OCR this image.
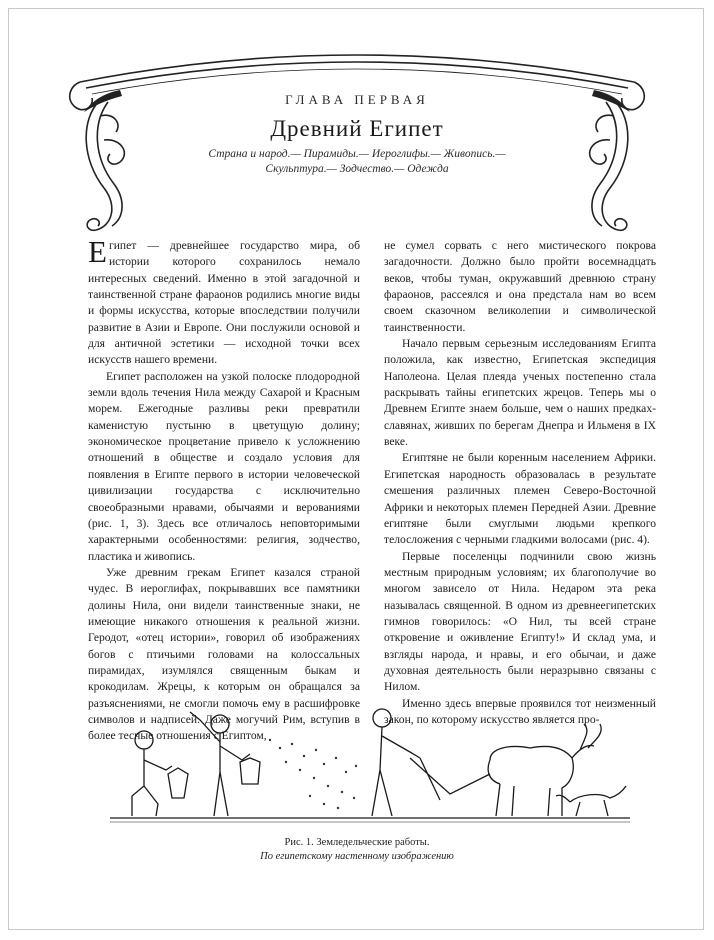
ГЛАВА ПЕРВАЯ
Древний Египет
Страна и народ.— Пирамиды.— Иероглифы.— Живопись.— Скульптура.— Зодчество.— Одежда

Египет — древнейшее государство мира, об истории которого сохранилось немало интересных сведений. Именно в этой загадочной и таинственной стране фараонов родились многие виды и формы искусства, которые впоследствии получили развитие в Азии и Европе. Они послужили основой и для античной эстетики — исходной точки всех искусств нашего времени.

Египет расположен на узкой полоске плодородной земли вдоль течения Нила между Сахарой и Красным морем. Ежегодные разливы реки превратили каменистую пустыню в цветущую долину; экономическое процветание привело к усложнению отношений в обществе и создало условия для появления в Египте первого в истории человеческой цивилизации государства с исключительно своеобразными нравами, обычаями и верованиями (рис. 1, 3). Здесь все отличалось неповторимыми характерными особенностями: религия, зодчество, пластика и живопись.

Уже древним грекам Египет казался страной чудес. В иероглифах, покрывавших все памятники долины Нила, они видели таинственные знаки, не имеющие никакого отношения к реальной жизни. Геродот, «отец истории», говорил об изображениях богов с птичьими головами на колоссальных пирамидах, изумлялся священным быкам и крокодилам. Жрецы, к которым он обращался за разъяснениями, не смогли помочь ему в расшифровке символов и надписей. Даже могучий Рим, вступив в более тесные отношения с Египтом,

не сумел сорвать с него мистического покрова загадочности. Должно было пройти восемнадцать веков, чтобы туман, окружавший древнюю страну фараонов, рассеялся и она предстала нам во всем своем сказочном великолепии и символической таинственности.

Начало первым серьезным исследованиям Египта положила, как известно, Египетская экспедиция Наполеона. Целая плеяда ученых постепенно стала раскрывать тайны египетских жрецов. Теперь мы о Древнем Египте знаем больше, чем о наших предках-славянах, живших по берегам Днепра и Ильменя в IX веке.

Египтяне не были коренным населением Африки. Египетская народность образовалась в результате смешения различных племен Северо-Восточной Африки и некоторых племен Передней Азии. Древние египтяне были смуглыми людьми крепкого телосложения с черными гладкими волосами (рис. 4).

Первые поселенцы подчинили свою жизнь местным природным условиям; их благополучие во многом зависело от Нила. Недаром эта река называлась священной. В одном из древнеегипетских гимнов говорилось: «О Нил, ты всей стране откровение и оживление Египту!» И склад ума, и взгляды народа, и нравы, и его обычаи, и даже духовная деятельность были неразрывно связаны с Нилом.

Именно здесь впервые проявился тот неизменный закон, по которому искусство является про-

Рис. 1. Земледельческие работы.
По египетскому настенному изображению
